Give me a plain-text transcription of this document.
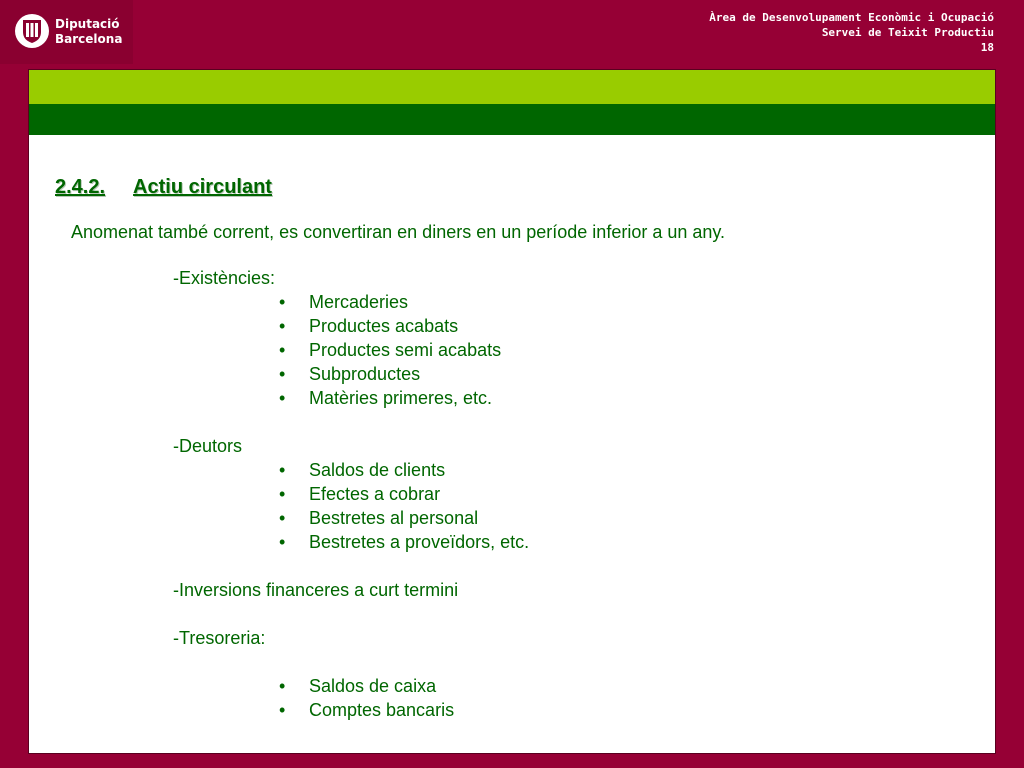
Diputació
Barcelona
Àrea de Desenvolupament Econòmic i Ocupació
Servei de Teixit Productiu
18
2.4.2. Actiu circulant
Anomenat també corrent, es convertiran en diners en un període inferior a un any.
-Existències:
• Mercaderies
• Productes acabats
• Productes semi acabats
• Subproductes
• Matèries primeres, etc.
-Deutors
• Saldos de clients
• Efectes a cobrar
• Bestretes al personal
• Bestretes a proveïdors, etc.
-Inversions financeres a curt termini
-Tresoreria:
• Saldos de caixa
• Comptes bancaris
